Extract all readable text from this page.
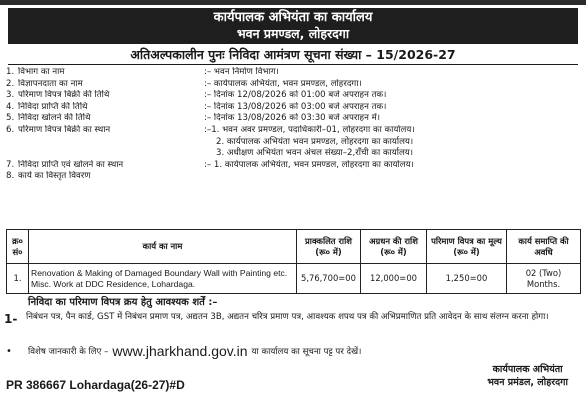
कार्यपालक अभियंता का कार्यालय
भवन प्रमण्डल, लोहरदगा
अतिअल्पकालीन पुनः निविदा आमंत्रण सूचना संख्या – 15/2026-27
1. विभाग का नाम	:– भवन निर्माण विभाग।
2. विज्ञापनदाता का नाम	:– कार्यपालक अभियंता, भवन प्रमण्डल, लोहरदगा।
3. परिमाण विपत्र बिक्री की तिथि	:– दिनांक 12/08/2026 को 01:00 बजे अपराहन तक।
4. निविदा प्राप्ति की तिथि	:– दिनांक 13/08/2026 को 03:00 बजे अपराहन तक।
5. निविदा खोलने की तिथि	:– दिनांक 13/08/2026 को 03:30 बजे अपराहन में।
6. परिमाण विपत्र बिक्री का स्थान	:–1. भवन अवर प्रमण्डल, पदाधिकारी–01, लोहरदगा का कार्यालय।
2. कार्यपालक अभियंता भवन प्रमण्डल, लोहरदगा का कार्यालय।
3. अधीक्षण अभियंता भवन अंचल संख्या–2,राँची का कार्यालय।
7. निविदा प्राप्ति एवं खोलने का स्थान	:– 1. कार्यपालक अभियंता, भवन प्रमण्डल, लोहरदगा का कार्यालय।
8. कार्य का विस्तृत विवरण
क्र० सं०	कार्य का नाम	प्राक्कलित राशि (रू० में)	अग्रधन की राशि (रू० में)	परिमाण विपत्र का मूल्य (रू० में)	कार्य समाप्ति की अवधि
1.	Renovation & Making of Damaged Boundary Wall with Painting etc. Misc. Work at DDC Residence, Lohardaga.	5,76,700=00	12,000=00	1,250=00	02 (Two) Months.
निविदा का परिमाण विपत्र क्रय हेतु आवश्यक शर्तें :–
1- निबंधन पत्र, पैन कार्ड, GST में निबंधन प्रमाण पत्र, अद्यतन 3B, अद्यतन चरित्र प्रमाण पत्र, आवश्यक शपथ पत्र की अभिप्रमाणित प्रति आवेदन के साथ संलग्न करना होगा।
•	विशेष जानकारी के लिए – www.jharkhand.gov.in या कार्यालय का सूचना पट्ट पर देखें।
कार्यपालक अभियंता
भवन प्रमंडल, लोहरदगा
PR 386667 Lohardaga(26-27)#D
